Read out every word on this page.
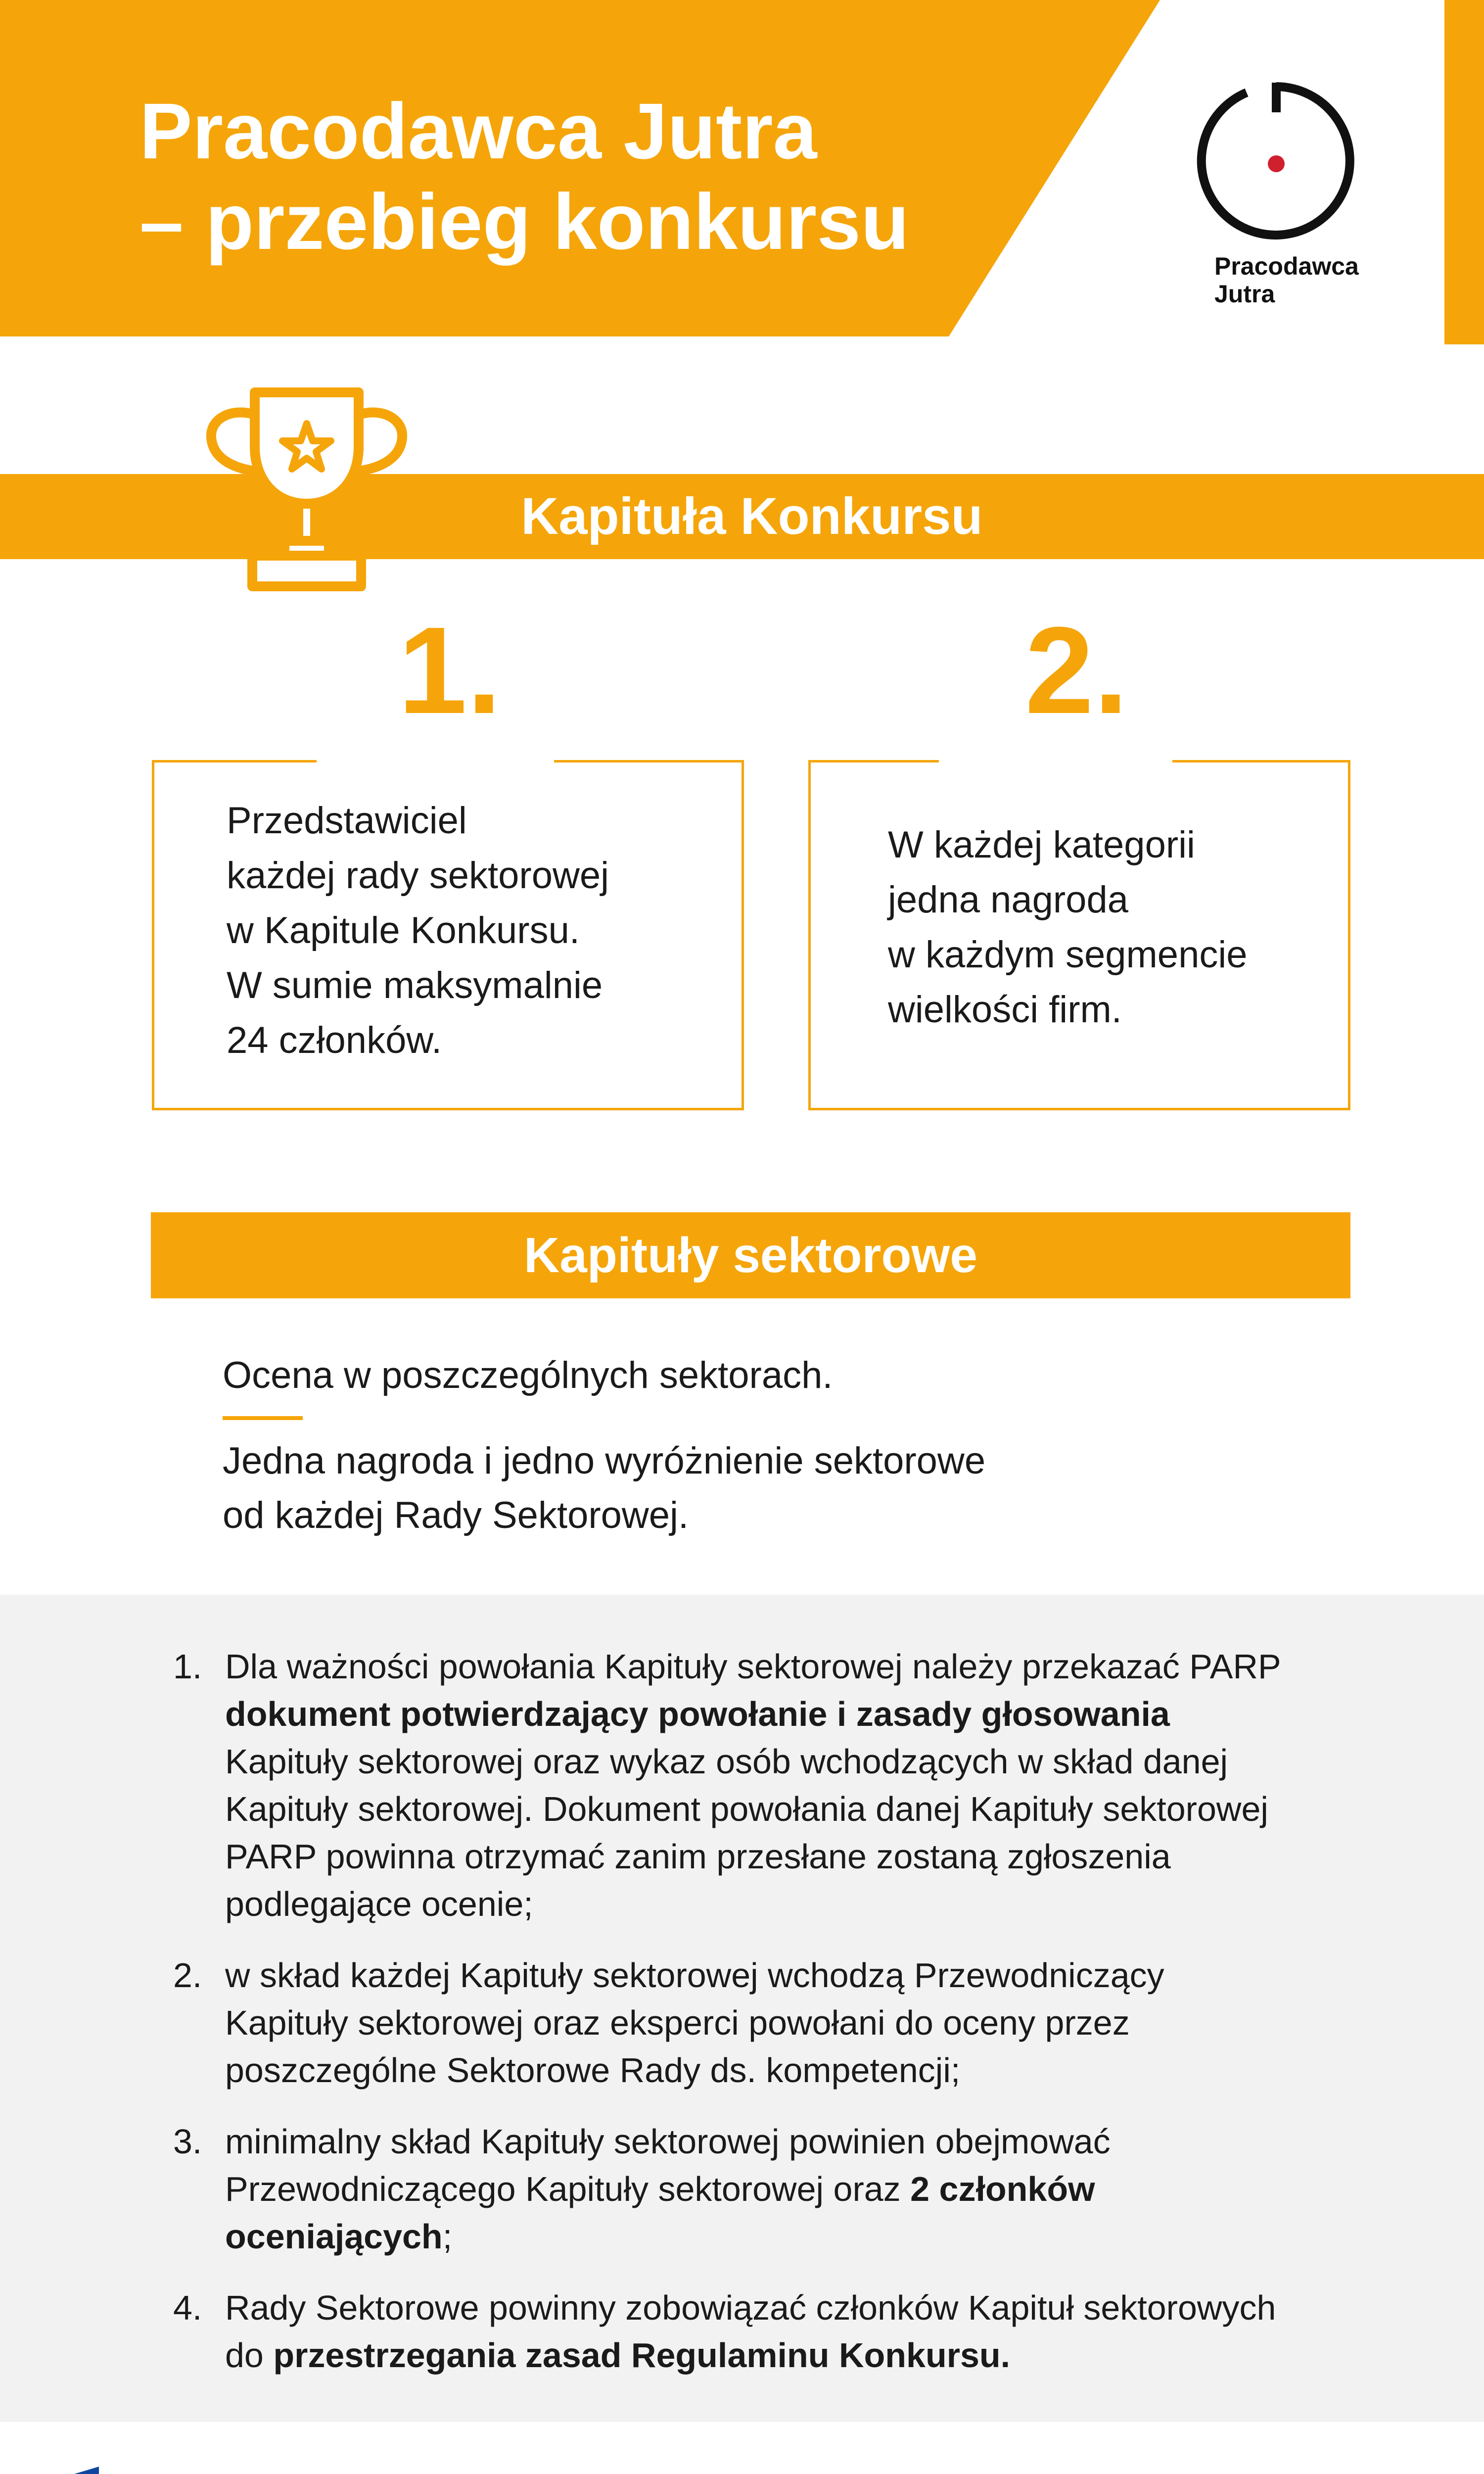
Pracodawca Jutra
– przebieg konkursu
Pracodawca
Jutra
Kapituła Konkursu
1.	2.
Przedstawiciel
każdej rady sektorowej
w Kapitule Konkursu.
W sumie maksymalnie
24 członków.
W każdej kategorii
jedna nagroda
w każdym segmencie
wielkości firm.
Kapituły sektorowe
Ocena w poszczególnych sektorach.
Jedna nagroda i jedno wyróżnienie sektorowe
od każdej Rady Sektorowej.
1. Dla ważności powołania Kapituły sektorowej należy przekazać PARP dokument potwierdzający powołanie i zasady głosowania Kapituły sektorowej oraz wykaz osób wchodzących w skład danej Kapituły sektorowej. Dokument powołania danej Kapituły sektorowej PARP powinna otrzymać zanim przesłane zostaną zgłoszenia podlegające ocenie;
2. w skład każdej Kapituły sektorowej wchodzą Przewodniczący Kapituły sektorowej oraz eksperci powołani do oceny przez poszczególne Sektorowe Rady ds. kompetencji;
3. minimalny skład Kapituły sektorowej powinien obejmować Przewodniczącego Kapituły sektorowej oraz 2 członków oceniających;
4. Rady Sektorowe powinny zobowiązać członków Kapituł sektorowych do przestrzegania zasad Regulaminu Konkursu.
